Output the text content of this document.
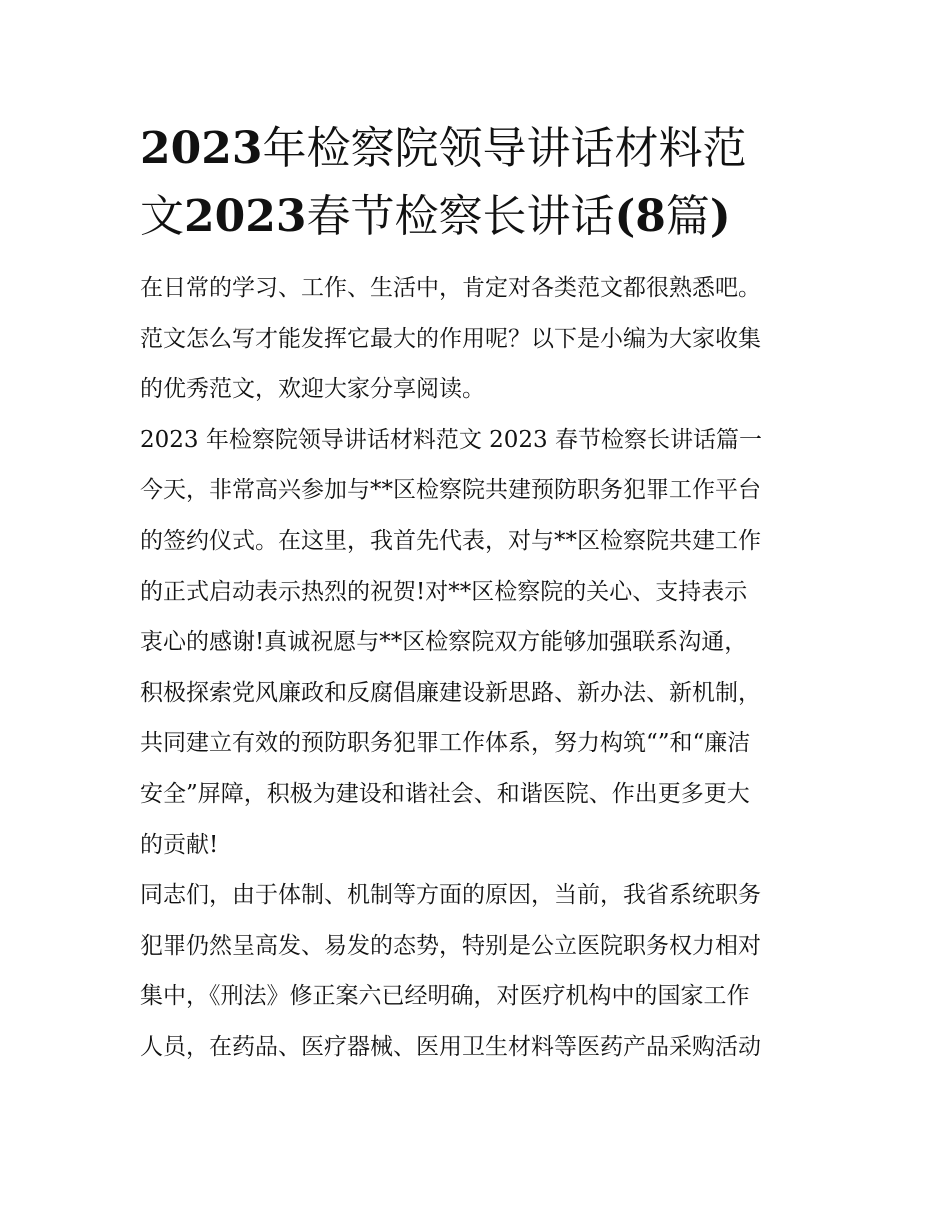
2023年检察院领导讲话材料范
文2023春节检察长讲话(8篇)
在日常的学习、工作、生活中，肯定对各类范文都很熟悉吧。
范文怎么写才能发挥它最大的作用呢？以下是小编为大家收集
的优秀范文，欢迎大家分享阅读。
2023 年检察院领导讲话材料范文 2023 春节检察长讲话篇一
今天，非常高兴参加与**区检察院共建预防职务犯罪工作平台
的签约仪式。在这里，我首先代表，对与**区检察院共建工作
的正式启动表示热烈的祝贺!对**区检察院的关心、支持表示
衷心的感谢!真诚祝愿与**区检察院双方能够加强联系沟通，
积极探索党风廉政和反腐倡廉建设新思路、新办法、新机制，
共同建立有效的预防职务犯罪工作体系，努力构筑“”和“廉洁
安全”屏障，积极为建设和谐社会、和谐医院、作出更多更大
的贡献!
同志们，由于体制、机制等方面的原因，当前，我省系统职务
犯罪仍然呈高发、易发的态势，特别是公立医院职务权力相对
集中，《刑法》修正案六已经明确，对医疗机构中的国家工作
人员，在药品、医疗器械、医用卫生材料等医药产品采购活动
